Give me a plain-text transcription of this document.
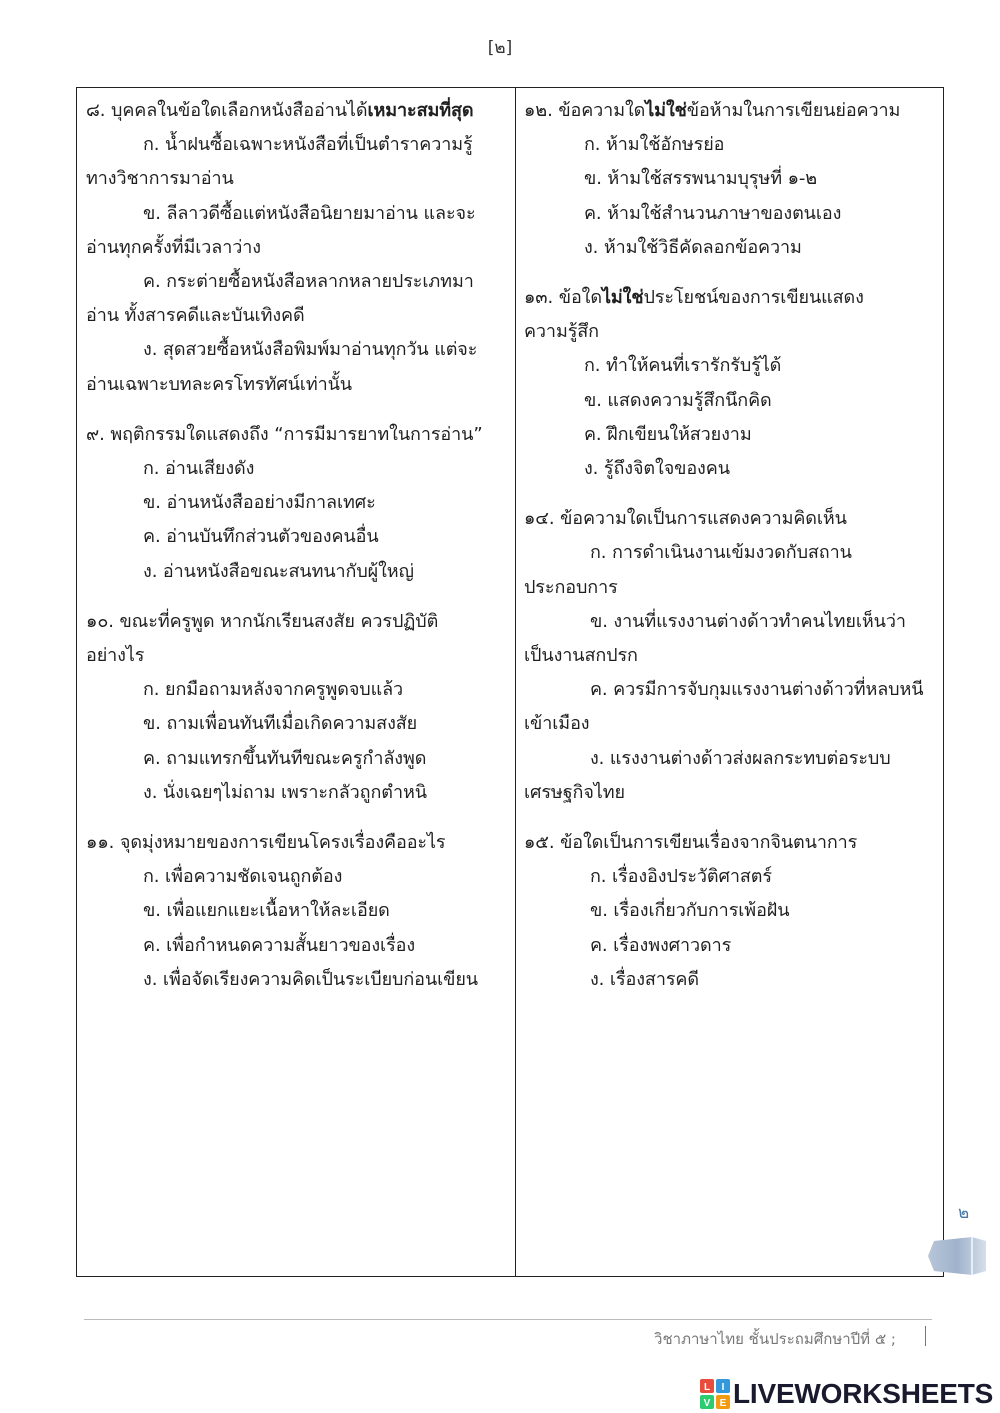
[๒]
๘. บุคคลในข้อใดเลือกหนังสืออ่านได้เหมาะสมที่สุด
ก. น้ำฝนซื้อเฉพาะหนังสือที่เป็นตำราความรู้
ทางวิชาการมาอ่าน
ข. ลีลาวดีซื้อแต่หนังสือนิยายมาอ่าน และจะ
อ่านทุกครั้งที่มีเวลาว่าง
ค. กระต่ายซื้อหนังสือหลากหลายประเภทมา
อ่าน ทั้งสารคดีและบันเทิงคดี
ง. สุดสวยซื้อหนังสือพิมพ์มาอ่านทุกวัน แต่จะ
อ่านเฉพาะบทละครโทรทัศน์เท่านั้น
๙. พฤติกรรมใดแสดงถึง “การมีมารยาทในการอ่าน”
ก. อ่านเสียงดัง
ข. อ่านหนังสืออย่างมีกาลเทศะ
ค. อ่านบันทึกส่วนตัวของคนอื่น
ง. อ่านหนังสือขณะสนทนากับผู้ใหญ่
๑๐. ขณะที่ครูพูด หากนักเรียนสงสัย ควรปฏิบัติ
อย่างไร
ก. ยกมือถามหลังจากครูพูดจบแล้ว
ข. ถามเพื่อนทันทีเมื่อเกิดความสงสัย
ค. ถามแทรกขึ้นทันทีขณะครูกำลังพูด
ง. นั่งเฉยๆไม่ถาม เพราะกลัวถูกตำหนิ
๑๑. จุดมุ่งหมายของการเขียนโครงเรื่องคืออะไร
ก. เพื่อความชัดเจนถูกต้อง
ข. เพื่อแยกแยะเนื้อหาให้ละเอียด
ค. เพื่อกำหนดความสั้นยาวของเรื่อง
ง. เพื่อจัดเรียงความคิดเป็นระเบียบก่อนเขียน
๑๒. ข้อความใดไม่ใช่ข้อห้ามในการเขียนย่อความ
ก. ห้ามใช้อักษรย่อ
ข. ห้ามใช้สรรพนามบุรุษที่ ๑-๒
ค. ห้ามใช้สำนวนภาษาของตนเอง
ง. ห้ามใช้วิธีคัดลอกข้อความ
๑๓. ข้อใดไม่ใช่ประโยชน์ของการเขียนแสดง
ความรู้สึก
ก. ทำให้คนที่เรารักรับรู้ได้
ข. แสดงความรู้สึกนึกคิด
ค. ฝึกเขียนให้สวยงาม
ง. รู้ถึงจิตใจของคน
๑๔. ข้อความใดเป็นการแสดงความคิดเห็น
ก. การดำเนินงานเข้มงวดกับสถาน
ประกอบการ
ข. งานที่แรงงานต่างด้าวทำคนไทยเห็นว่า
เป็นงานสกปรก
ค. ควรมีการจับกุมแรงงานต่างด้าวที่หลบหนี
เข้าเมือง
ง. แรงงานต่างด้าวส่งผลกระทบต่อระบบ
เศรษฐกิจไทย
๑๕. ข้อใดเป็นการเขียนเรื่องจากจินตนาการ
ก. เรื่องอิงประวัติศาสตร์
ข. เรื่องเกี่ยวกับการเพ้อฝัน
ค. เรื่องพงศาวดาร
ง. เรื่องสารคดี
๒
วิชาภาษาไทย ชั้นประถมศึกษาปีที่ ๕ ;
L I
V E LIVEWORKSHEETS
